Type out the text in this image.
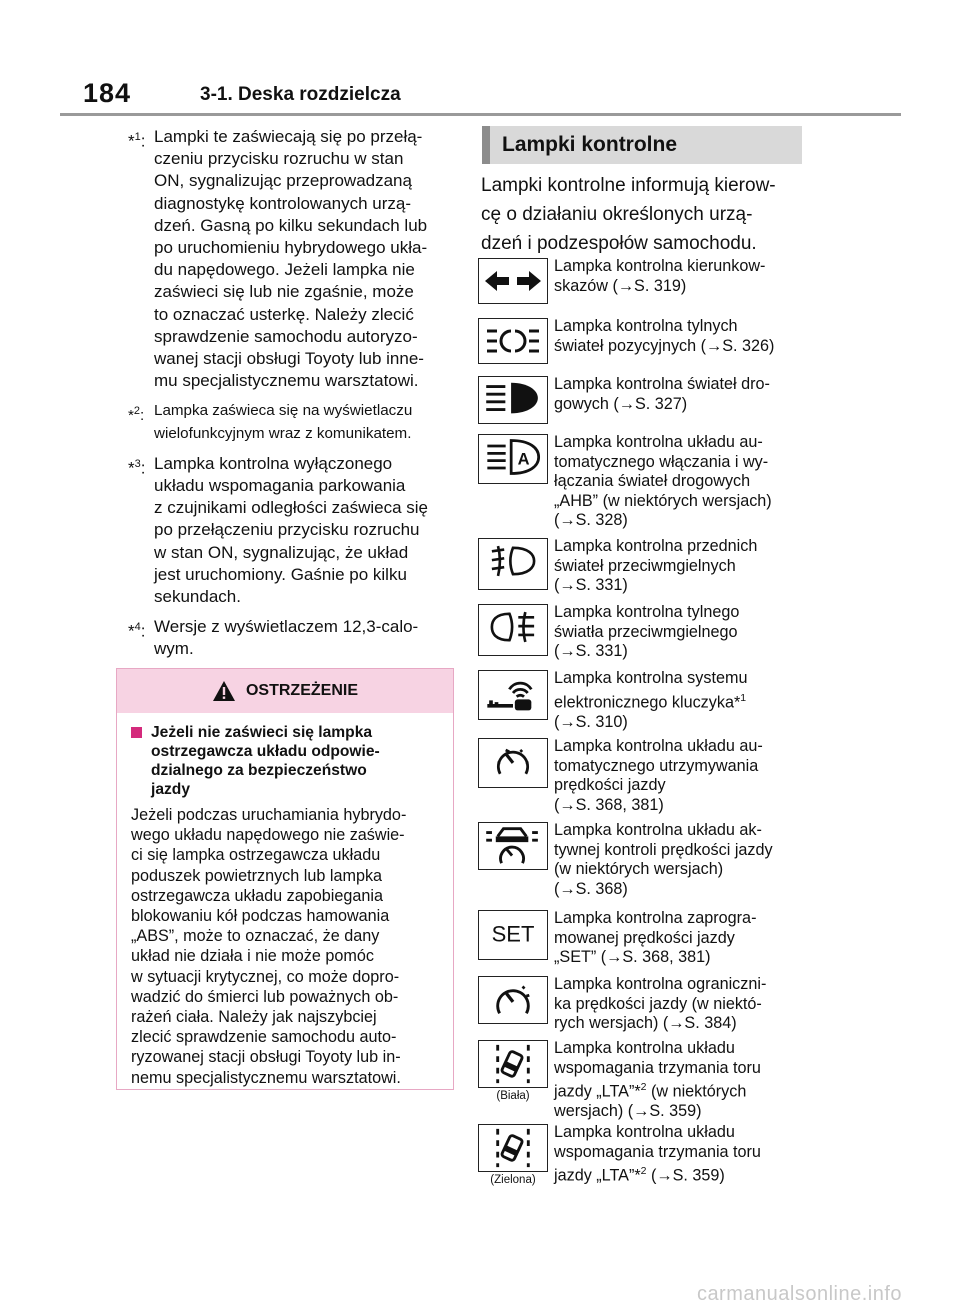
184	3-1. Deska rozdzielcza
*$^1$: Lampki te zaświecają się po przełą-
czeniu przycisku rozruchu w stan
ON, sygnalizując przeprowadzaną
diagnostykę kontrolowanych urzą-
dzeń. Gasną po kilku sekundach lub
po uruchomieniu hybrydowego ukła-
du napędowego. Jeżeli lampka nie
zaświeci się lub nie zgaśnie, może
to oznaczać usterkę. Należy zlecić
sprawdzenie samochodu autoryzo-
wanej stacji obsługi Toyoty lub inne-
mu specjalistycznemu warsztatowi.
*$^2$: Lampka zaświeca się na wyświetlaczu
wielofunkcyjnym wraz z komunikatem.
*$^3$: Lampka kontrolna wyłączonego
układu wspomagania parkowania
z czujnikami odległości zaświeca się
po przełączeniu przycisku rozruchu
w stan ON, sygnalizując, że układ
jest uruchomiony. Gaśnie po kilku
sekundach.
*$^4$: Wersje z wyświetlaczem 12,3-calo-
wym.
OSTRZEŻENIE
Jeżeli nie zaświeci się lampka
ostrzegawcza układu odpowie-
dzialnego za bezpieczeństwo
jazdy
Jeżeli podczas uruchamiania hybrydo-
wego układu napędowego nie zaświe-
ci się lampka ostrzegawcza układu
poduszek powietrznych lub lampka
ostrzegawcza układu zapobiegania
blokowaniu kół podczas hamowania
„ABS”, może to oznaczać, że dany
układ nie działa i nie może pomóc
w sytuacji krytycznej, co może dopro-
wadzić do śmierci lub poważnych ob-
rażeń ciała. Należy jak najszybciej
zlecić sprawdzenie samochodu auto-
ryzowanej stacji obsługi Toyoty lub in-
nemu specjalistycznemu warsztatowi.
Lampki kontrolne
Lampki kontrolne informują kierow-
cę o działaniu określonych urzą-
dzeń i podzespołów samochodu.
Lampka kontrolna kierunkow-
skazów (→S. 319)
Lampka kontrolna tylnych
świateł pozycyjnych (→S. 326)
Lampka kontrolna świateł dro-
gowych (→S. 327)
A
Lampka kontrolna układu au-
tomatycznego włączania i wy-
łączania świateł drogowych
„AHB” (w niektórych wersjach)
(→S. 328)
Lampka kontrolna przednich
świateł przeciwmgielnych
(→S. 331)
Lampka kontrolna tylnego
światła przeciwmgielnego
(→S. 331)
Lampka kontrolna systemu
elektronicznego kluczyka*$^1$
(→S. 310)
Lampka kontrolna układu au-
tomatycznego utrzymywania
prędkości jazdy
(→S. 368, 381)
Lampka kontrolna układu ak-
tywnej kontroli prędkości jazdy
(w niektórych wersjach)
(→S. 368)
SET
Lampka kontrolna zaprogra-
mowanej prędkości jazdy
„SET” (→S. 368, 381)
Lampka kontrolna ograniczni-
ka prędkości jazdy (w niektó-
rych wersjach) (→S. 384)
(Biała)
Lampka kontrolna układu
wspomagania trzymania toru
jazdy „LTA”*$^2$ (w niektórych
wersjach) (→S. 359)
(Zielona)
Lampka kontrolna układu
wspomagania trzymania toru
jazdy „LTA”*$^2$ (→S. 359)
carmanualsonline.info
